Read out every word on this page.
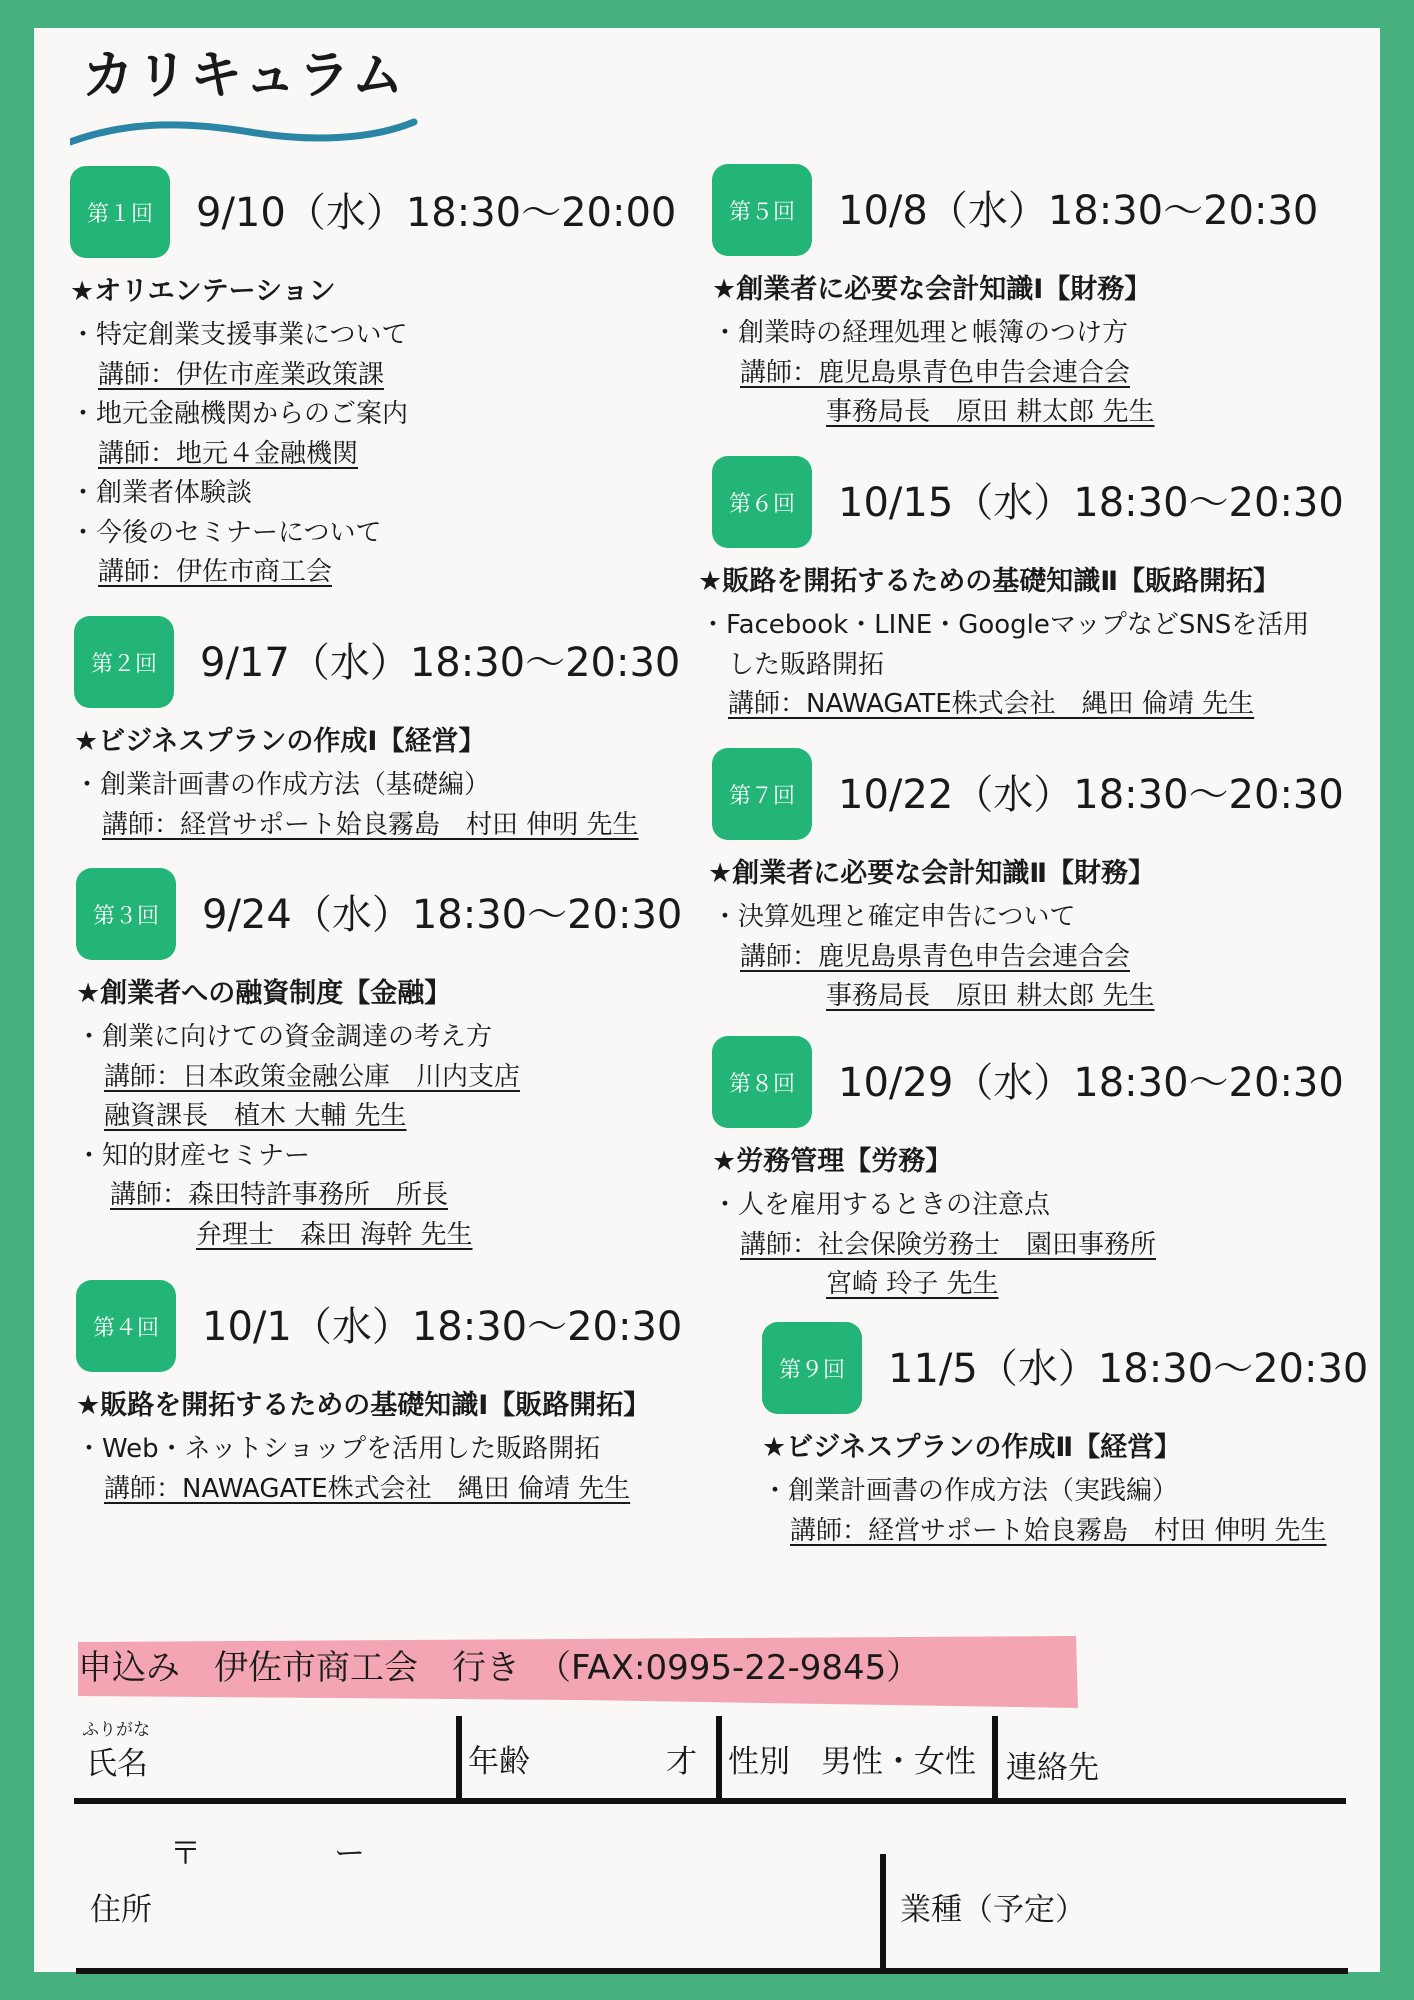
カリキュラム
第１回	9/10（水）18:30～20:00
★オリエンテーション
・特定創業支援事業について
講師：伊佐市産業政策課
・地元金融機関からのご案内
講師：地元４金融機関
・創業者体験談
・今後のセミナーについて
講師：伊佐市商工会
第２回	9/17（水）18:30～20:30
★ビジネスプランの作成Ⅰ【経営】
・創業計画書の作成方法（基礎編）
講師：経営サポート姶良霧島　村田 伸明 先生
第３回	9/24（水）18:30～20:30
★創業者への融資制度【金融】
・創業に向けての資金調達の考え方
講師：日本政策金融公庫　川内支店
融資課長　植木 大輔 先生
・知的財産セミナー
講師：森田特許事務所　所長
弁理士　森田 海幹 先生
第４回	10/1（水）18:30～20:30
★販路を開拓するための基礎知識Ⅰ【販路開拓】
・Web・ネットショップを活用した販路開拓
講師：NAWAGATE株式会社　縄田 倫靖 先生
第５回	10/8（水）18:30～20:30
★創業者に必要な会計知識Ⅰ【財務】
・創業時の経理処理と帳簿のつけ方
講師：鹿児島県青色申告会連合会
事務局長　原田 耕太郎 先生
第６回	10/15（水）18:30～20:30
★販路を開拓するための基礎知識Ⅱ【販路開拓】
・Facebook・LINE・GoogleマップなどSNSを活用
した販路開拓
講師：NAWAGATE株式会社　縄田 倫靖 先生
第７回	10/22（水）18:30～20:30
★創業者に必要な会計知識Ⅱ【財務】
・決算処理と確定申告について
講師：鹿児島県青色申告会連合会
事務局長　原田 耕太郎 先生
第８回	10/29（水）18:30～20:30
★労務管理【労務】
・人を雇用するときの注意点
講師：社会保険労務士　園田事務所
宮崎 玲子 先生
第９回	11/5（水）18:30～20:30
★ビジネスプランの作成Ⅱ【経営】
・創業計画書の作成方法（実践編）
講師：経営サポート姶良霧島　村田 伸明 先生
申込み　伊佐市商工会　行き　（FAX:0995-22-9845）
ふりがな
氏名	年齢	才 性別　男性・女性 連絡先
〒	ー
住所	業種（予定）
